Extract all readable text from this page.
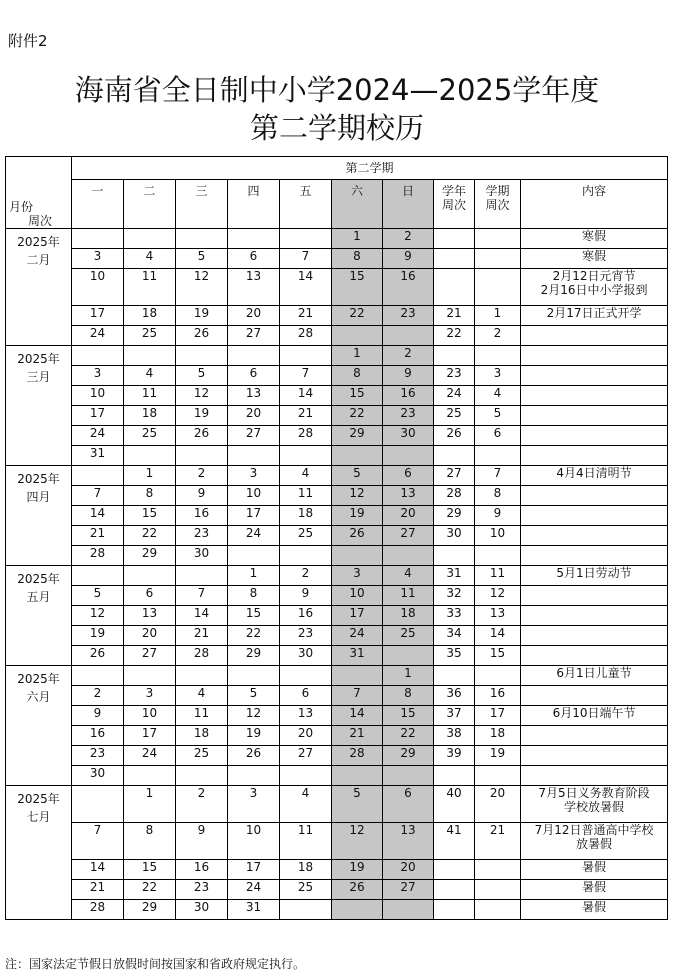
附件2
海南省全日制中小学2024—2025学年度
第二学期校历
月份
周次	第二学期									
	一	二	三	四	五	六	日	学年
周次	学期
周次	内容

2025年
二月						1	2			寒假
	3	4	5	6	7	8	9			寒假
	10	11	12	13	14	15	16			2月12日元宵节
2月16日中小学报到
	17	18	19	20	21	22	23	21	1	2月17日正式开学
	24	25	26	27	28			22	2	

2025年
三月						1	2			
	3	4	5	6	7	8	9	23	3	
	10	11	12	13	14	15	16	24	4	
	17	18	19	20	21	22	23	25	5	
	24	25	26	27	28	29	30	26	6	
	31									

2025年
四月		1	2	3	4	5	6	27	7	4月4日清明节
	7	8	9	10	11	12	13	28	8	
	14	15	16	17	18	19	20	29	9	
	21	22	23	24	25	26	27	30	10	
	28	29	30							

2025年
五月				1	2	3	4	31	11	5月1日劳动节
	5	6	7	8	9	10	11	32	12	
	12	13	14	15	16	17	18	33	13	
	19	20	21	22	23	24	25	34	14	
	26	27	28	29	30	31		35	15	

2025年
六月							1			6月1日儿童节
	2	3	4	5	6	7	8	36	16	
	9	10	11	12	13	14	15	37	17	6月10日端午节
	16	17	18	19	20	21	22	38	18	
	23	24	25	26	27	28	29	39	19	
	30									

2025年
七月		1	2	3	4	5	6	40	20	7月5日义务教育阶段
学校放暑假
	7	8	9	10	11	12	13	41	21	7月12日普通高中学校
放暑假
	14	15	16	17	18	19	20			暑假
	21	22	23	24	25	26	27			暑假
	28	29	30	31						暑假
注：国家法定节假日放假时间按国家和省政府规定执行。
